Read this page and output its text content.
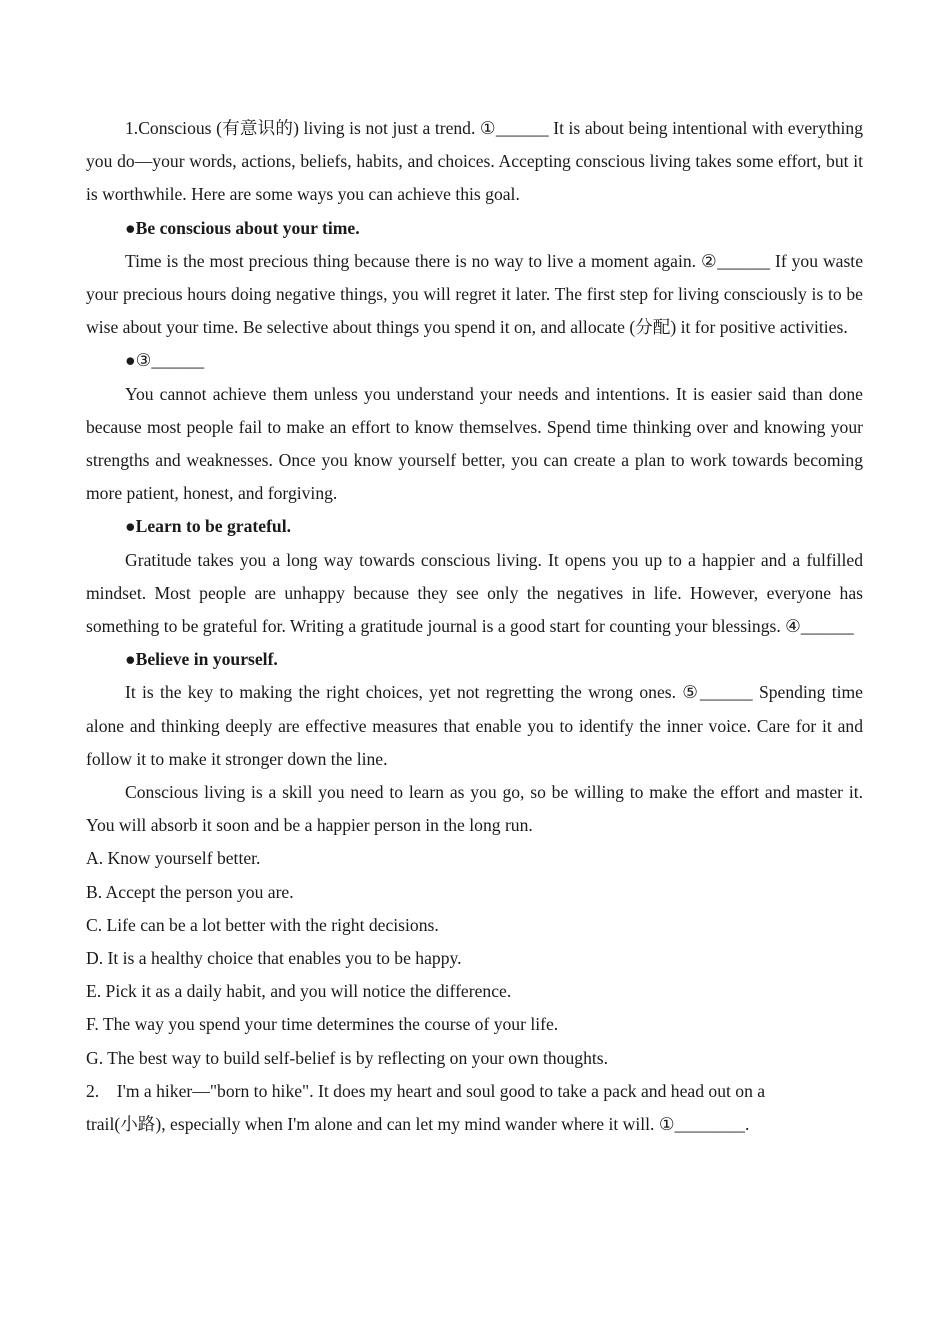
1.Conscious (有意识的) living is not just a trend. ①______ It is about being intentional with everything you do—your words, actions, beliefs, habits, and choices. Accepting conscious living takes some effort, but it is worthwhile. Here are some ways you can achieve this goal.

●Be conscious about your time.

Time is the most precious thing because there is no way to live a moment again. ②______ If you waste your precious hours doing negative things, you will regret it later. The first step for living consciously is to be wise about your time. Be selective about things you spend it on, and allocate (分配) it for positive activities.

●③______

You cannot achieve them unless you understand your needs and intentions. It is easier said than done because most people fail to make an effort to know themselves. Spend time thinking over and knowing your strengths and weaknesses. Once you know yourself better, you can create a plan to work towards becoming more patient, honest, and forgiving.

●Learn to be grateful.

Gratitude takes you a long way towards conscious living. It opens you up to a happier and a fulfilled mindset. Most people are unhappy because they see only the negatives in life. However, everyone has something to be grateful for. Writing a gratitude journal is a good start for counting your blessings. ④______

●Believe in yourself.

It is the key to making the right choices, yet not regretting the wrong ones. ⑤______ Spending time alone and thinking deeply are effective measures that enable you to identify the inner voice. Care for it and follow it to make it stronger down the line.

Conscious living is a skill you need to learn as you go, so be willing to make the effort and master it. You will absorb it soon and be a happier person in the long run.

A. Know yourself better.

B. Accept the person you are.

C. Life can be a lot better with the right decisions.

D. It is a healthy choice that enables you to be happy.

E. Pick it as a daily habit, and you will notice the difference.

F. The way you spend your time determines the course of your life.

G. The best way to build self-belief is by reflecting on your own thoughts.

2.    I'm a hiker—"born to hike". It does my heart and soul good to take a pack and head out on a

trail(小路), especially when I'm alone and can let my mind wander where it will. ①________.
